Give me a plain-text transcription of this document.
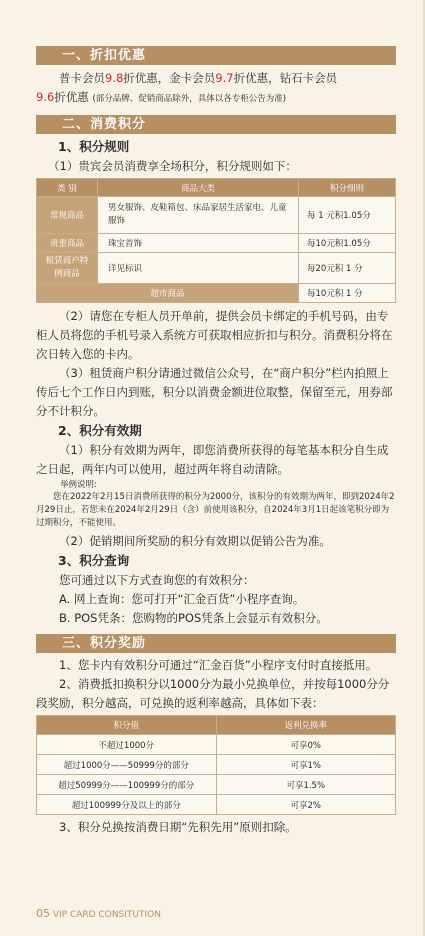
一、折扣优惠
普卡会员9.8折优惠，金卡会员9.7折优惠，钻石卡会员
9.6折优惠 (部分品牌、促销商品除外，具体以各专柜公告为准)
二、消费积分
1、积分规则
（1）贵宾会员消费享全场积分，积分规则如下：
类 别	商品大类	积分细则
常规商品	男女服饰、皮鞋箱包、床品家居生活家电、儿童服饰	每 1 元积1.05分
贵重商品	珠宝首饰	每10元积1.05分
租赁商户特例商品	详见标识	每20元积 1 分
超市商品		每10元积 1 分
（2）请您在专柜人员开单前，提供会员卡绑定的手机号码，由专柜人员将您的手机号录入系统方可获取相应折扣与积分。消费积分将在次日转入您的卡内。
（3）租赁商户积分请通过微信公众号，在“商户积分”栏内拍照上传后七个工作日内到账，积分以消费金额进位取整，保留至元，用券部分不计积分。
2、积分有效期
（1）积分有效期为两年，即您消费所获得的每笔基本积分自生成之日起，两年内可以使用，超过两年将自动清除。
举例说明:
您在2022年2月15日消费所获得的积分为2000分，该积分的有效期为两年，即到2024年2月29日止，若您未在2024年2月29日（含）前使用该积分，自2024年3月1日起该笔积分即为过期积分，不能使用。
（2）促销期间所奖励的积分有效期以促销公告为准。
3、积分查询
您可通过以下方式查询您的有效积分：
A. 网上查询：您可打开“汇金百货”小程序查询。
B. POS凭条：您购物的POS凭条上会显示有效积分。
三、积分奖励
1、您卡内有效积分可通过“汇金百货”小程序支付时直接抵用。
2、消费抵扣换积分以1000分为最小兑换单位，并按每1000分分段奖励，积分越高，可兑换的返利率越高，具体如下表：
积分值	返利兑换率
不超过1000分	可享0%
超过1000分——50999分的部分	可享1%
超过50999分——100999分的部分	可享1.5%
超过100999分及以上的部分	可享2%
3、积分兑换按消费日期“先积先用”原则扣除。
05 VIP CARD CONSITUTION
